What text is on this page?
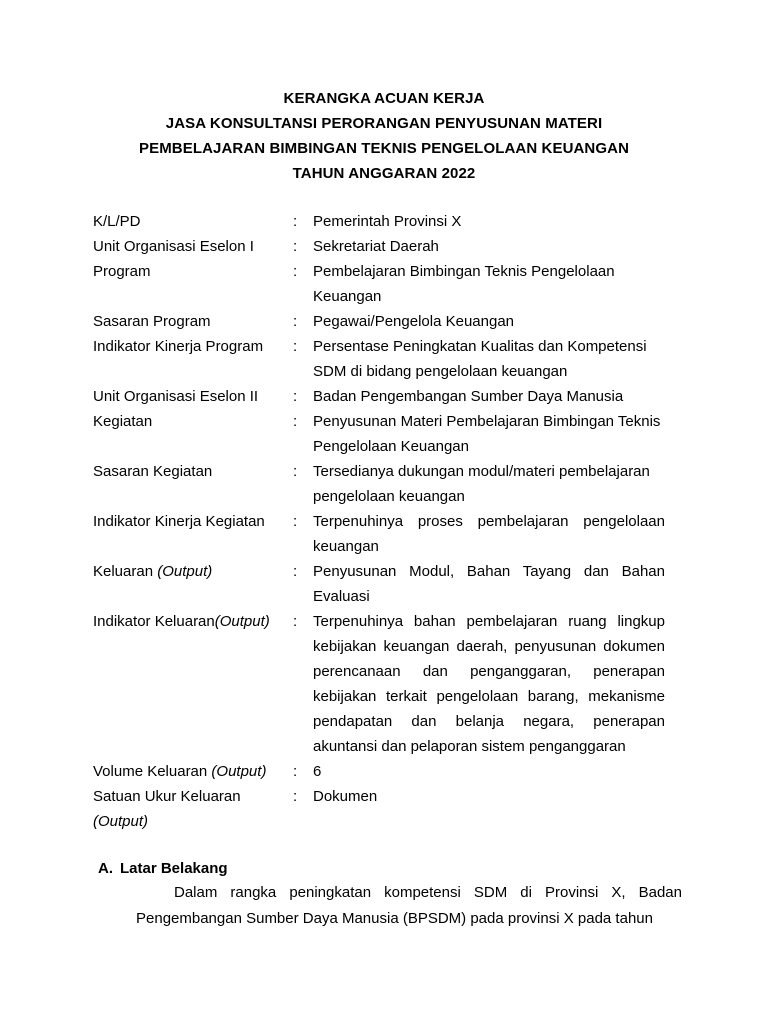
KERANGKA ACUAN KERJA
JASA KONSULTANSI PERORANGAN PENYUSUNAN MATERI
PEMBELAJARAN BIMBINGAN TEKNIS PENGELOLAAN KEUANGAN
TAHUN ANGGARAN 2022
K/L/PD	:	Pemerintah Provinsi X
Unit Organisasi Eselon I	:	Sekretariat Daerah
Program	:	Pembelajaran Bimbingan Teknis Pengelolaan Keuangan
Sasaran Program	:	Pegawai/Pengelola Keuangan
Indikator Kinerja Program	:	Persentase Peningkatan Kualitas dan Kompetensi SDM di bidang pengelolaan keuangan
Unit Organisasi Eselon II	:	Badan Pengembangan Sumber Daya Manusia
Kegiatan	:	Penyusunan Materi Pembelajaran Bimbingan Teknis Pengelolaan Keuangan
Sasaran Kegiatan	:	Tersedianya dukungan modul/materi pembelajaran pengelolaan keuangan
Indikator Kinerja Kegiatan	:	Terpenuhinya proses pembelajaran pengelolaan keuangan
Keluaran (Output)	:	Penyusunan Modul, Bahan Tayang dan Bahan Evaluasi
Indikator Keluaran(Output)	:	Terpenuhinya bahan pembelajaran ruang lingkup kebijakan keuangan daerah, penyusunan dokumen perencanaan dan penganggaran, penerapan kebijakan terkait pengelolaan barang, mekanisme pendapatan dan belanja negara, penerapan akuntansi dan pelaporan sistem penganggaran
Volume Keluaran (Output)	:	6
Satuan Ukur Keluaran
(Output)
:	Dokumen
A. Latar Belakang
Dalam rangka peningkatan kompetensi SDM di Provinsi X, Badan Pengembangan Sumber Daya Manusia (BPSDM) pada provinsi X pada tahun
